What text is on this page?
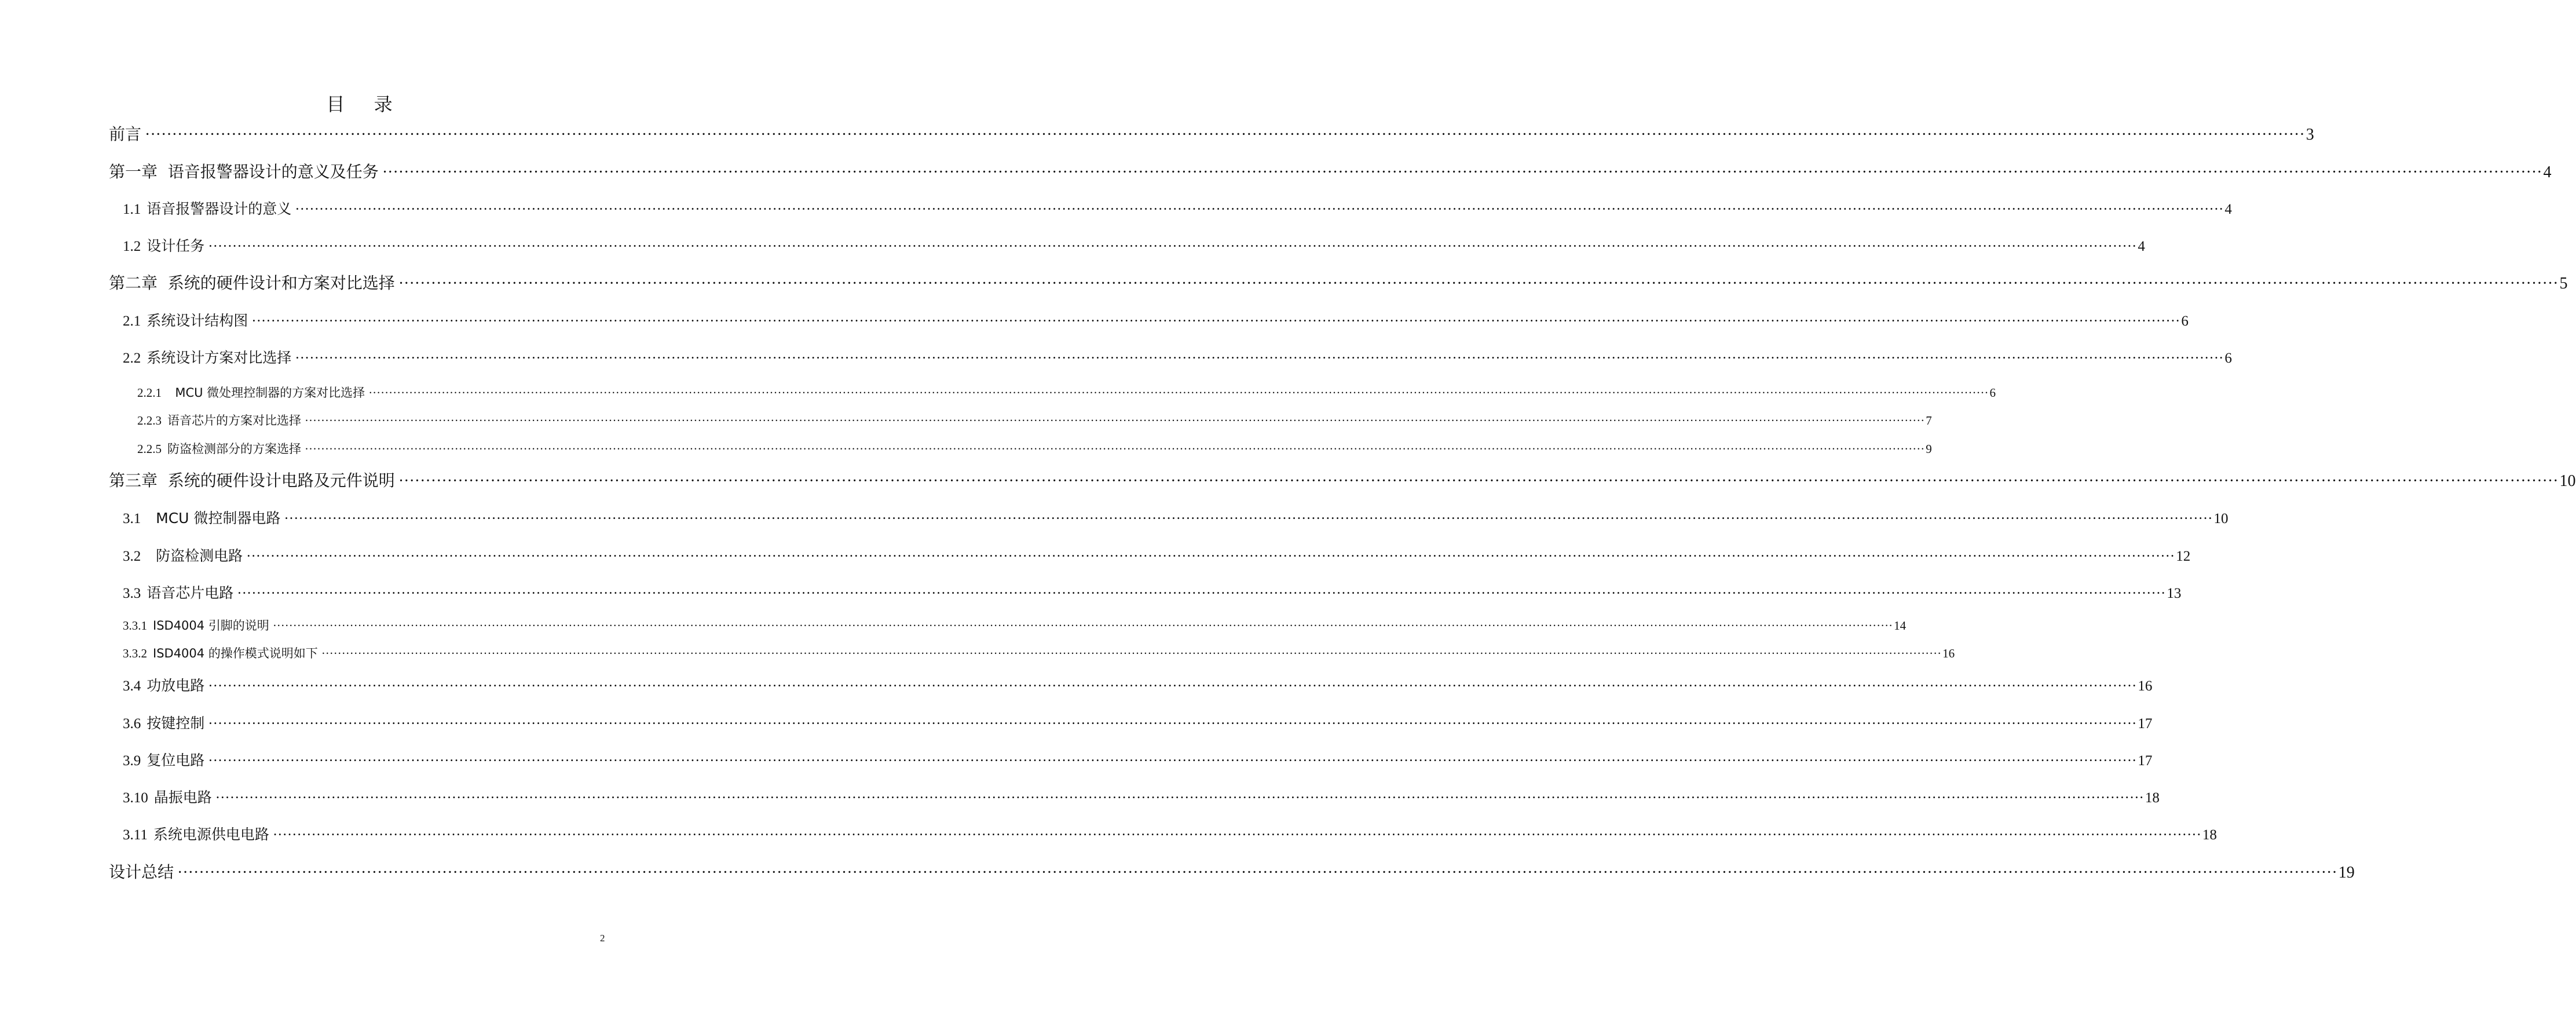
目 录
前言 ················································································································································································································································································································································································································ 3
第一章  语音报警器设计的意义及任务 ················································································································································································································································································································································································································ 4
1.1 语音报警器设计的意义 ················································································································································································································································································································································································································ 4
1.2 设计任务 ················································································································································································································································································································································································································ 4
第二章  系统的硬件设计和方案对比选择 ················································································································································································································································································································································································································ 5
2.1 系统设计结构图 ················································································································································································································································································································································································································ 6
2.2 系统设计方案对比选择 ················································································································································································································································································································································································································ 6
2.2.1 MCU 微处理控制器的方案对比选择 ················································································································································································································································································································································································································ 6
2.2.3 语音芯片的方案对比选择 ················································································································································································································································································································································································································ 7
2.2.5 防盗检测部分的方案选择 ················································································································································································································································································································································································································ 9
第三章  系统的硬件设计电路及元件说明 ················································································································································································································································································································································································································ 10
3.1 MCU 微控制器电路 ················································································································································································································································································································································································································ 10
3.2 防盗检测电路 ················································································································································································································································································································································································································ 12
3.3 语音芯片电路 ················································································································································································································································································································································································································ 13
3.3.1 ISD4004 引脚的说明 ················································································································································································································································································································································································································ 14
3.3.2 ISD4004 的操作模式说明如下 ················································································································································································································································································································································································································ 16
3.4 功放电路 ················································································································································································································································································································································································································ 16
3.6 按键控制 ················································································································································································································································································································································································································ 17
3.9 复位电路 ················································································································································································································································································································································································································ 17
3.10 晶振电路 ················································································································································································································································································································································································································ 18
3.11 系统电源供电电路 ················································································································································································································································································································································································································ 18
设计总结 ················································································································································································································································································································································································································ 19
2
